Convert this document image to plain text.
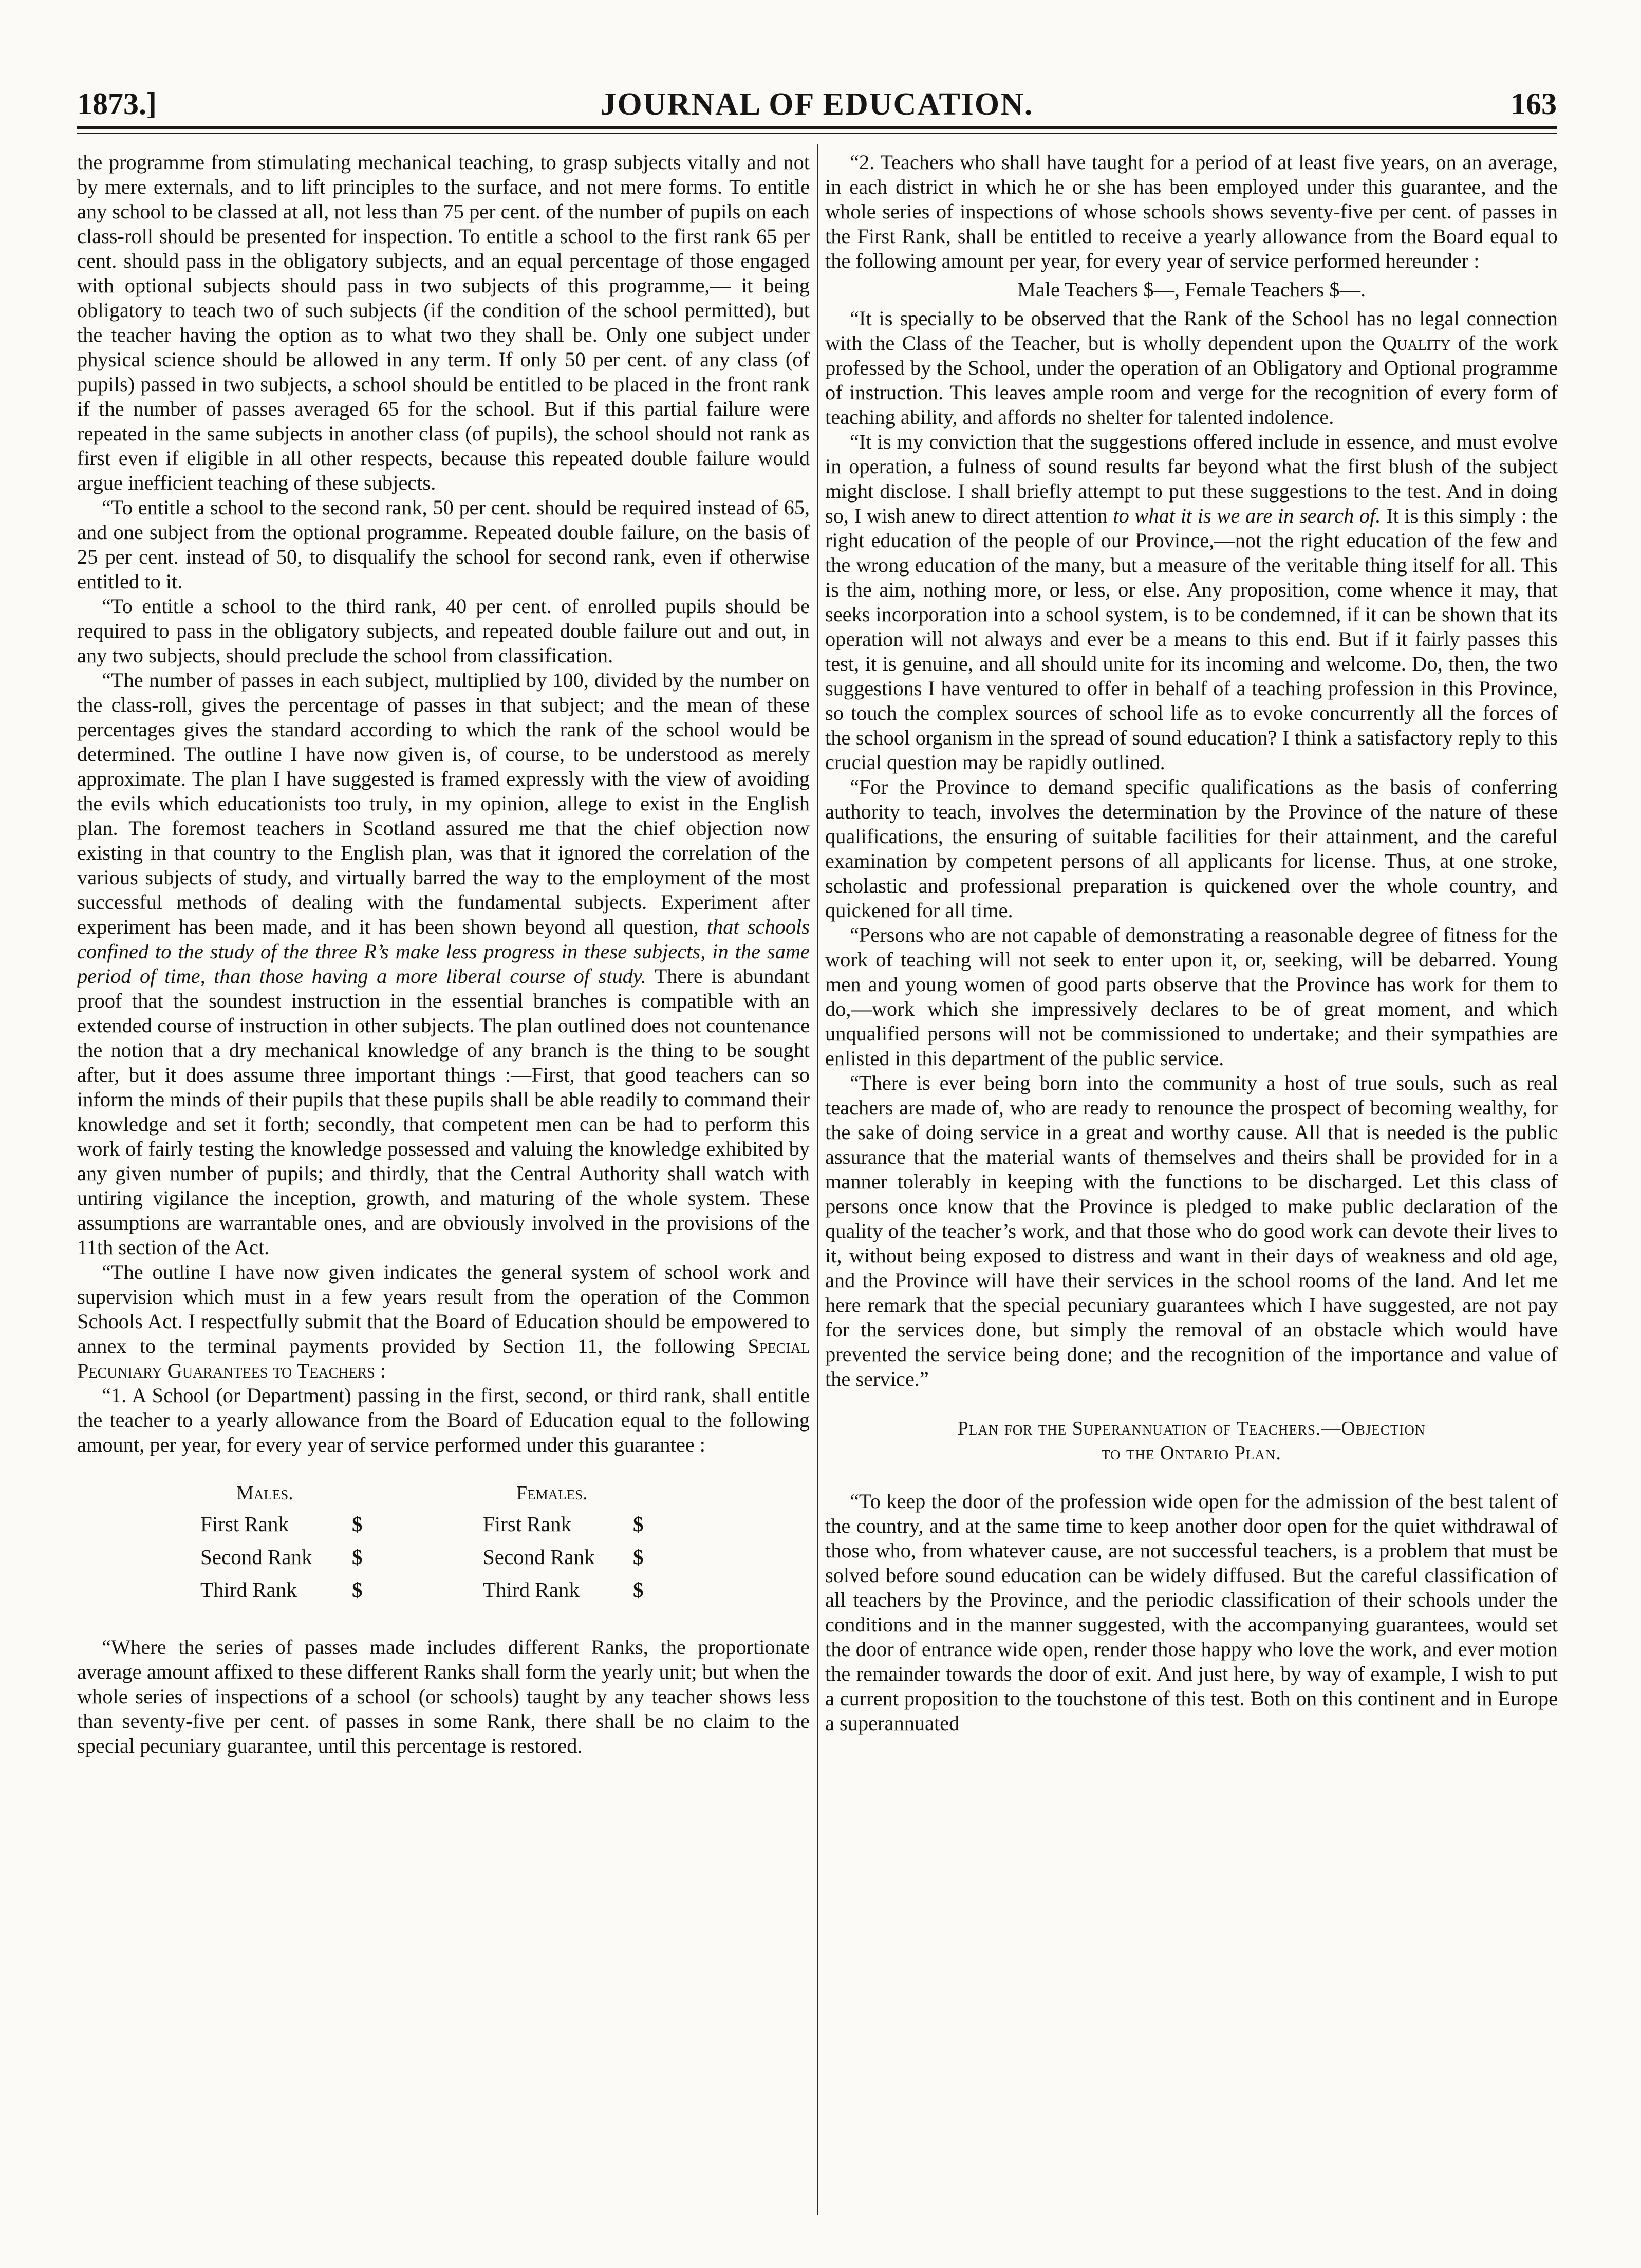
1873.]	JOURNAL OF EDUCATION.	163

the programme from stimulating mechanical teaching, to grasp subjects vitally and not by mere externals, and to lift principles to the surface, and not mere forms. To entitle any school to be classed at all, not less than 75 per cent. of the number of pupils on each class-roll should be presented for inspection. To entitle a school to the first rank 65 per cent. should pass in the obligatory subjects, and an equal percentage of those engaged with optional subjects should pass in two subjects of this programme,— it being obligatory to teach two of such subjects (if the condition of the school permitted), but the teacher having the option as to what two they shall be. Only one subject under physical science should be allowed in any term. If only 50 per cent. of any class (of pupils) passed in two subjects, a school should be entitled to be placed in the front rank if the number of passes averaged 65 for the school. But if this partial failure were repeated in the same subjects in another class (of pupils), the school should not rank as first even if eligible in all other respects, because this repeated double failure would argue inefficient teaching of these subjects.

“To entitle a school to the second rank, 50 per cent. should be required instead of 65, and one subject from the optional programme. Repeated double failure, on the basis of 25 per cent. instead of 50, to disqualify the school for second rank, even if otherwise entitled to it.

“To entitle a school to the third rank, 40 per cent. of enrolled pupils should be required to pass in the obligatory subjects, and repeated double failure out and out, in any two subjects, should preclude the school from classification.

“The number of passes in each subject, multiplied by 100, divided by the number on the class-roll, gives the percentage of passes in that subject; and the mean of these percentages gives the standard according to which the rank of the school would be determined. The outline I have now given is, of course, to be understood as merely approximate. The plan I have suggested is framed expressly with the view of avoiding the evils which educationists too truly, in my opinion, allege to exist in the English plan. The foremost teachers in Scotland assured me that the chief objection now existing in that country to the English plan, was that it ignored the correlation of the various subjects of study, and virtually barred the way to the employment of the most successful methods of dealing with the fundamental subjects. Experiment after experiment has been made, and it has been shown beyond all question, that schools confined to the study of the three R’s make less progress in these subjects, in the same period of time, than those having a more liberal course of study. There is abundant proof that the soundest instruction in the essential branches is compatible with an extended course of instruction in other subjects. The plan outlined does not countenance the notion that a dry mechanical knowledge of any branch is the thing to be sought after, but it does assume three important things :—First, that good teachers can so inform the minds of their pupils that these pupils shall be able readily to command their knowledge and set it forth; secondly, that competent men can be had to perform this work of fairly testing the knowledge possessed and valuing the knowledge exhibited by any given number of pupils; and thirdly, that the Central Authority shall watch with untiring vigilance the inception, growth, and maturing of the whole system. These assumptions are warrantable ones, and are obviously involved in the provisions of the 11th section of the Act.

“The outline I have now given indicates the general system of school work and supervision which must in a few years result from the operation of the Common Schools Act. I respectfully submit that the Board of Education should be empowered to annex to the terminal payments provided by Section 11, the following Special Pecuniary Guarantees to Teachers :

“1. A School (or Department) passing in the first, second, or third rank, shall entitle the teacher to a yearly allowance from the Board of Education equal to the following amount, per year, for every year of service performed under this guarantee :

Males.	Females.
First Rank	$	First Rank	$
Second Rank $	Second Rank $
Third Rank	$	Third Rank	$

“Where the series of passes made includes different Ranks, the proportionate average amount affixed to these different Ranks shall form the yearly unit; but when the whole series of inspections of a school (or schools) taught by any teacher shows less than seventy-five per cent. of passes in some Rank, there shall be no claim to the special pecuniary guarantee, until this percentage is restored.

“2. Teachers who shall have taught for a period of at least five years, on an average, in each district in which he or she has been employed under this guarantee, and the whole series of inspections of whose schools shows seventy-five per cent. of passes in the First Rank, shall be entitled to receive a yearly allowance from the Board equal to the following amount per year, for every year of service performed hereunder :

Male Teachers $—, Female Teachers $—.

“It is specially to be observed that the Rank of the School has no legal connection with the Class of the Teacher, but is wholly dependent upon the Quality of the work professed by the School, under the operation of an Obligatory and Optional programme of instruction. This leaves ample room and verge for the recognition of every form of teaching ability, and affords no shelter for talented indolence.

“It is my conviction that the suggestions offered include in essence, and must evolve in operation, a fulness of sound results far beyond what the first blush of the subject might disclose. I shall briefly attempt to put these suggestions to the test. And in doing so, I wish anew to direct attention to what it is we are in search of. It is this simply : the right education of the people of our Province,—not the right education of the few and the wrong education of the many, but a measure of the veritable thing itself for all. This is the aim, nothing more, or less, or else. Any proposition, come whence it may, that seeks incorporation into a school system, is to be condemned, if it can be shown that its operation will not always and ever be a means to this end. But if it fairly passes this test, it is genuine, and all should unite for its incoming and welcome. Do, then, the two suggestions I have ventured to offer in behalf of a teaching profession in this Province, so touch the complex sources of school life as to evoke concurrently all the forces of the school organism in the spread of sound education? I think a satisfactory reply to this crucial question may be rapidly outlined.

“For the Province to demand specific qualifications as the basis of conferring authority to teach, involves the determination by the Province of the nature of these qualifications, the ensuring of suitable facilities for their attainment, and the careful examination by competent persons of all applicants for license. Thus, at one stroke, scholastic and professional preparation is quickened over the whole country, and quickened for all time.

“Persons who are not capable of demonstrating a reasonable degree of fitness for the work of teaching will not seek to enter upon it, or, seeking, will be debarred. Young men and young women of good parts observe that the Province has work for them to do,—work which she impressively declares to be of great moment, and which unqualified persons will not be commissioned to undertake; and their sympathies are enlisted in this department of the public service.

“There is ever being born into the community a host of true souls, such as real teachers are made of, who are ready to renounce the prospect of becoming wealthy, for the sake of doing service in a great and worthy cause. All that is needed is the public assurance that the material wants of themselves and theirs shall be provided for in a manner tolerably in keeping with the functions to be discharged. Let this class of persons once know that the Province is pledged to make public declaration of the quality of the teacher’s work, and that those who do good work can devote their lives to it, without being exposed to distress and want in their days of weakness and old age, and the Province will have their services in the school rooms of the land. And let me here remark that the special pecuniary guarantees which I have suggested, are not pay for the services done, but simply the removal of an obstacle which would have prevented the service being done; and the recognition of the importance and value of the service.”

Plan for the Superannuation of Teachers.—Objection
to the Ontario Plan.

“To keep the door of the profession wide open for the admission of the best talent of the country, and at the same time to keep another door open for the quiet withdrawal of those who, from whatever cause, are not successful teachers, is a problem that must be solved before sound education can be widely diffused. But the careful classification of all teachers by the Province, and the periodic classification of their schools under the conditions and in the manner suggested, with the accompanying guarantees, would set the door of entrance wide open, render those happy who love the work, and ever motion the remainder towards the door of exit. And just here, by way of example, I wish to put a current proposition to the touchstone of this test. Both on this continent and in Europe a superannuated
